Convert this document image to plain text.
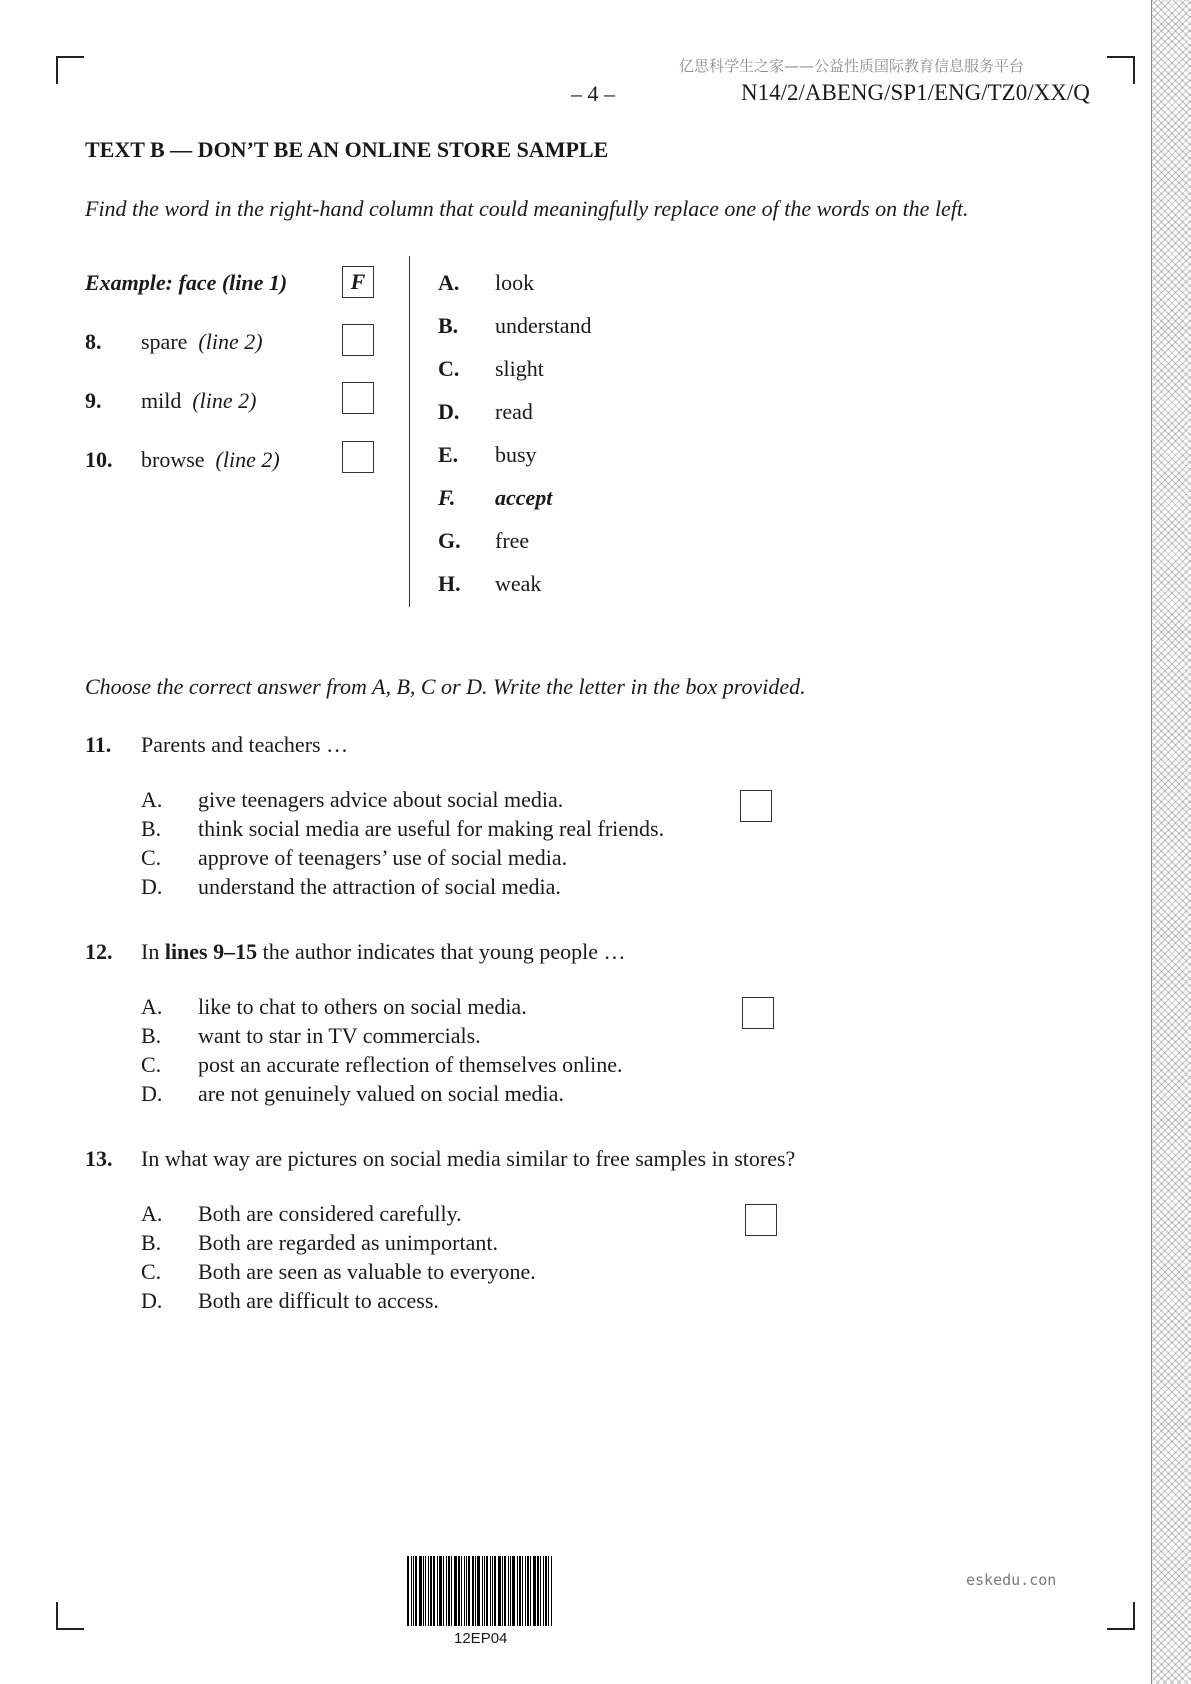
亿思科学生之家——公益性质国际教育信息服务平台
– 4 –	N14/2/ABENG/SP1/ENG/TZ0/XX/Q
TEXT B — DON’T BE AN ONLINE STORE SAMPLE
Find the word in the right-hand column that could meaningfully replace one of the words on the left.
Example: face (line 1)	F
8. spare (line 2)
9. mild (line 2)
10. browse (line 2)
A. look
B. understand
C. slight
D. read
E. busy
F. accept
G. free
H. weak
Choose the correct answer from A, B, C or D. Write the letter in the box provided.
11. Parents and teachers …
A. give teenagers advice about social media.
B. think social media are useful for making real friends.
C. approve of teenagers’ use of social media.
D. understand the attraction of social media.
12. In lines 9–15 the author indicates that young people …
A. like to chat to others on social media.
B. want to star in TV commercials.
C. post an accurate reflection of themselves online.
D. are not genuinely valued on social media.
13. In what way are pictures on social media similar to free samples in stores?
A. Both are considered carefully.
B. Both are regarded as unimportant.
C. Both are seen as valuable to everyone.
D. Both are difficult to access.
12EP04
eskedu.con
